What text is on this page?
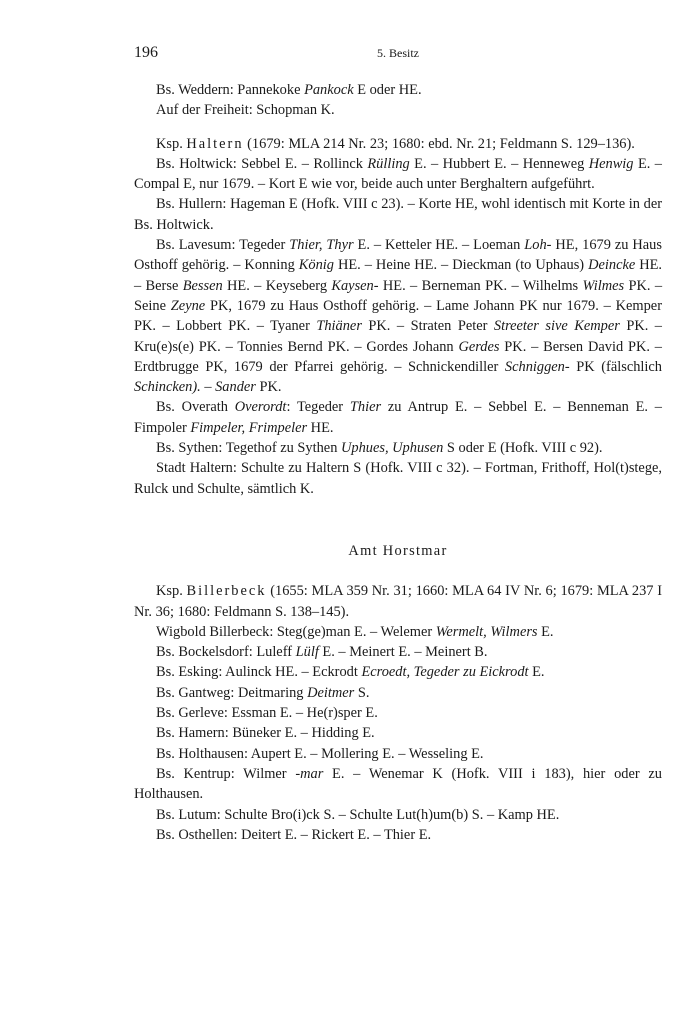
196	5. Besitz

Bs. Weddern: Pannekoke Pankock E oder HE.

Auf der Freiheit: Schopman K.

Ksp. Haltern (1679: MLA 214 Nr. 23; 1680: ebd. Nr. 21; Feldmann S. 129–136).

Bs. Holtwick: Sebbel E. – Rollinck Rülling E. – Hubbert E. – Henneweg Henwig E. – Compal E, nur 1679. – Kort E wie vor, beide auch unter Berghaltern aufgeführt.

Bs. Hullern: Hageman E (Hofk. VIII c 23). – Korte HE, wohl identisch mit Korte in der Bs. Holtwick.

Bs. Lavesum: Tegeder Thier, Thyr E. – Ketteler HE. – Loeman Loh- HE, 1679 zu Haus Osthoff gehörig. – Konning König HE. – Heine HE. – Dieckman (to Uphaus) Deincke HE. – Berse Bessen HE. – Keyseberg Kaysen- HE. – Berneman PK. – Wilhelms Wilmes PK. – Seine Zeyne PK, 1679 zu Haus Osthoff gehörig. – Lame Johann PK nur 1679. – Kemper PK. – Lobbert PK. – Tyaner Thiäner PK. – Straten Peter Streeter sive Kemper PK. – Kru(e)s(e) PK. – Tonnies Bernd PK. – Gordes Johann Gerdes PK. – Bersen David PK. – Erdtbrugge PK, 1679 der Pfarrei gehörig. – Schnickendiller Schniggen- PK (fälschlich Schincken). – Sander PK.

Bs. Overath Overordt: Tegeder Thier zu Antrup E. – Sebbel E. – Benneman E. – Fimpoler Fimpeler, Frimpeler HE.

Bs. Sythen: Tegethof zu Sythen Uphues, Uphusen S oder E (Hofk. VIII c 92).

Stadt Haltern: Schulte zu Haltern S (Hofk. VIII c 32). – Fortman, Frithoff, Hol(t)stege, Rulck und Schulte, sämtlich K.

Amt Horstmar

Ksp. Billerbeck (1655: MLA 359 Nr. 31; 1660: MLA 64 IV Nr. 6; 1679: MLA 237 I Nr. 36; 1680: Feldmann S. 138–145).

Wigbold Billerbeck: Steg(ge)man E. – Welemer Wermelt, Wilmers E.

Bs. Bockelsdorf: Luleff Lülf E. – Meinert E. – Meinert B.

Bs. Esking: Aulinck HE. – Eckrodt Ecroedt, Tegeder zu Eickrodt E.

Bs. Gantweg: Deitmaring Deitmer S.

Bs. Gerleve: Essman E. – He(r)sper E.

Bs. Hamern: Büneker E. – Hidding E.

Bs. Holthausen: Aupert E. – Mollering E. – Wesseling E.

Bs. Kentrup: Wilmer -mar E. – Wenemar K (Hofk. VIII i 183), hier oder zu Holthausen.

Bs. Lutum: Schulte Bro(i)ck S. – Schulte Lut(h)um(b) S. – Kamp HE.

Bs. Osthellen: Deitert E. – Rickert E. – Thier E.
